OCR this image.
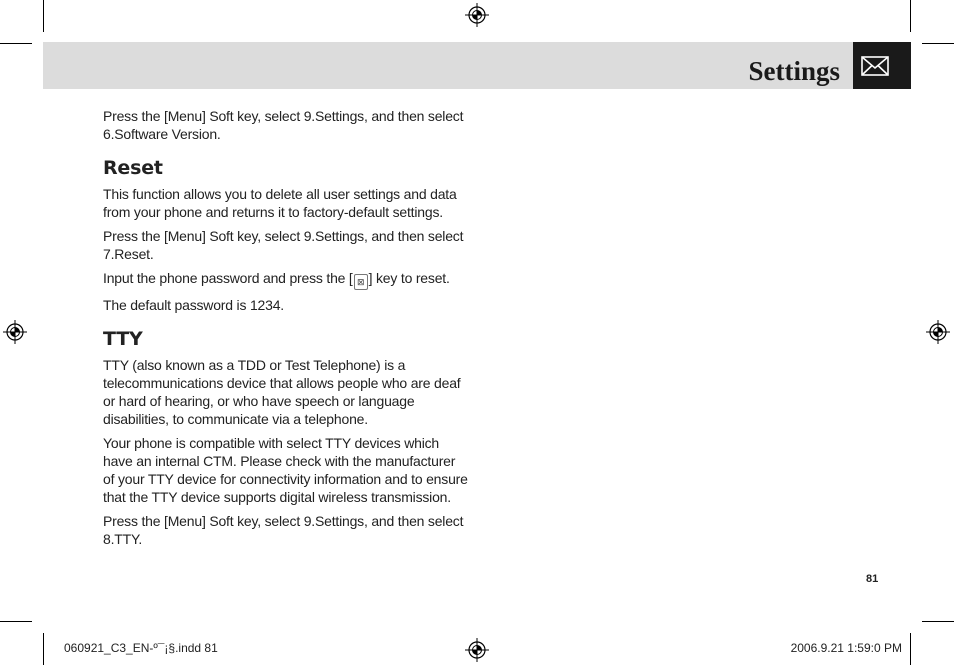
Settings

Press the [Menu] Soft key, select 9.Settings, and then select 6.Software Version.

Reset

This function allows you to delete all user settings and data from your phone and returns it to factory-default settings.

Press the [Menu] Soft key, select 9.Settings, and then select 7.Reset.

Input the phone password and press the [ ⊠ ] key to reset.

The default password is 1234.

TTY

TTY (also known as a TDD or Test Telephone) is a telecommunications device that allows people who are deaf or hard of hearing, or who have speech or language disabilities, to communicate via a telephone.

Your phone is compatible with select TTY devices which have an internal CTM. Please check with the manufacturer of your TTY device for connectivity information and to ensure that the TTY device supports digital wireless transmission.

Press the [Menu] Soft key, select 9.Settings, and then select 8.TTY.

81
060921_C3_EN-º¯¡§.indd 81	2006.9.21 1:59:0 PM
